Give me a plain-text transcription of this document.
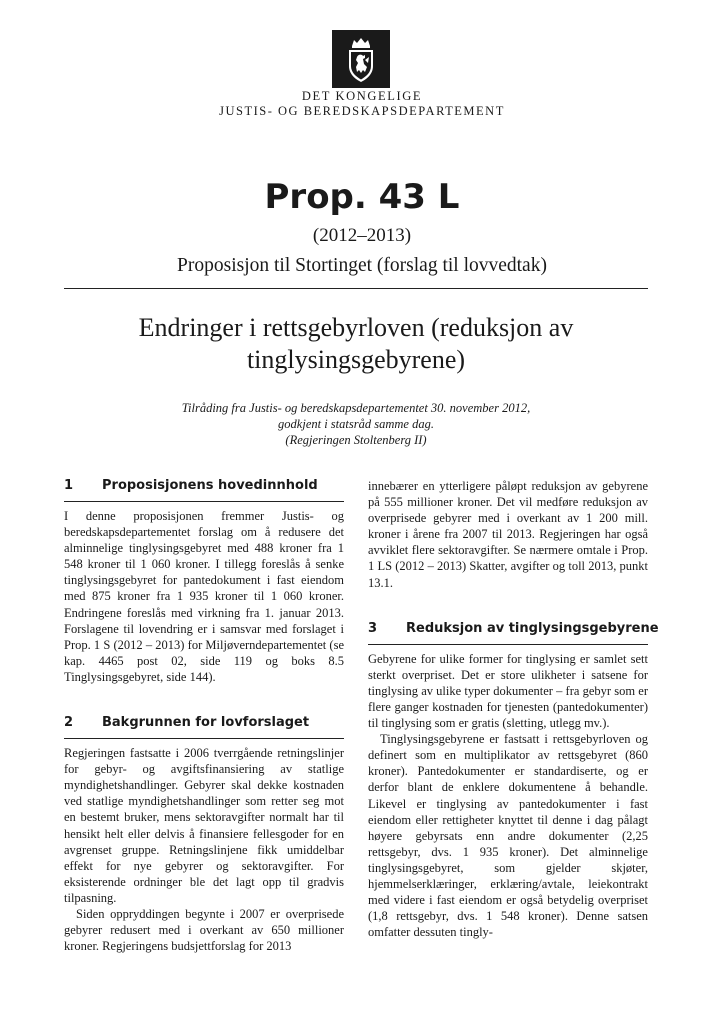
DET KONGELIGE
JUSTIS- OG BEREDSKAPSDEPARTEMENT
Prop. 43 L
(2012–2013)
Proposisjon til Stortinget (forslag til lovvedtak)
Endringer i rettsgebyrloven (reduksjon av tinglysingsgebyrene)
Tilråding fra Justis- og beredskapsdepartementet 30. november 2012,
godkjent i statsråd samme dag.
(Regjeringen Stoltenberg II)
1 Proposisjonens hovedinnhold

I denne proposisjonen fremmer Justis- og beredskapsdepartementet forslag om å redusere det alminnelige tinglysingsgebyret med 488 kroner fra 1 548 kroner til 1 060 kroner. I tillegg foreslås å senke tinglysingsgebyret for pantedokument i fast eiendom med 875 kroner fra 1 935 kroner til 1 060 kroner. Endringene foreslås med virkning fra 1. januar 2013. Forslagene til lovendring er i samsvar med forslaget i Prop. 1 S (2012 – 2013) for Miljøverndepartementet (se kap. 4465 post 02, side 119 og boks 8.5 Tinglysingsgebyret, side 144).

2 Bakgrunnen for lovforslaget

Regjeringen fastsatte i 2006 tverrgående retningslinjer for gebyr- og avgiftsfinansiering av statlige myndighetshandlinger. Gebyrer skal dekke kostnaden ved statlige myndighetshandlinger som retter seg mot en bestemt bruker, mens sektoravgifter normalt har til hensikt helt eller delvis å finansiere fellesgoder for en avgrenset gruppe. Retningslinjene fikk umiddelbar effekt for nye gebyrer og sektoravgifter. For eksisterende ordninger ble det lagt opp til gradvis tilpasning.

Siden oppryddingen begynte i 2007 er overprisede gebyrer redusert med i overkant av 650 millioner kroner. Regjeringens budsjettforslag for 2013

innebærer en ytterligere påløpt reduksjon av gebyrene på 555 millioner kroner. Det vil medføre reduksjon av overprisede gebyrer med i overkant av 1 200 mill. kroner i årene fra 2007 til 2013. Regjeringen har også avviklet flere sektoravgifter. Se nærmere omtale i Prop. 1 LS (2012 – 2013) Skatter, avgifter og toll 2013, punkt 13.1.

3 Reduksjon av tinglysingsgebyrene

Gebyrene for ulike former for tinglysing er samlet sett sterkt overpriset. Det er store ulikheter i satsene for tinglysing av ulike typer dokumenter – fra gebyr som er flere ganger kostnaden for tjenesten (pantedokumenter) til tinglysing som er gratis (sletting, utlegg mv.).

Tinglysingsgebyrene er fastsatt i rettsgebyrloven og definert som en multiplikator av rettsgebyret (860 kroner). Pantedokumenter er standardiserte, og er derfor blant de enklere dokumentene å behandle. Likevel er tinglysing av pantedokumenter i fast eiendom eller rettigheter knyttet til denne i dag pålagt høyere gebyrsats enn andre dokumenter (2,25 rettsgebyr, dvs. 1 935 kroner). Det alminnelige tinglysingsgebyret, som gjelder skjøter, hjemmelserklæringer, erklæring/avtale, leiekontrakt med videre i fast eiendom er også betydelig overpriset (1,8 rettsgebyr, dvs. 1 548 kroner). Denne satsen omfatter dessuten tingly-
